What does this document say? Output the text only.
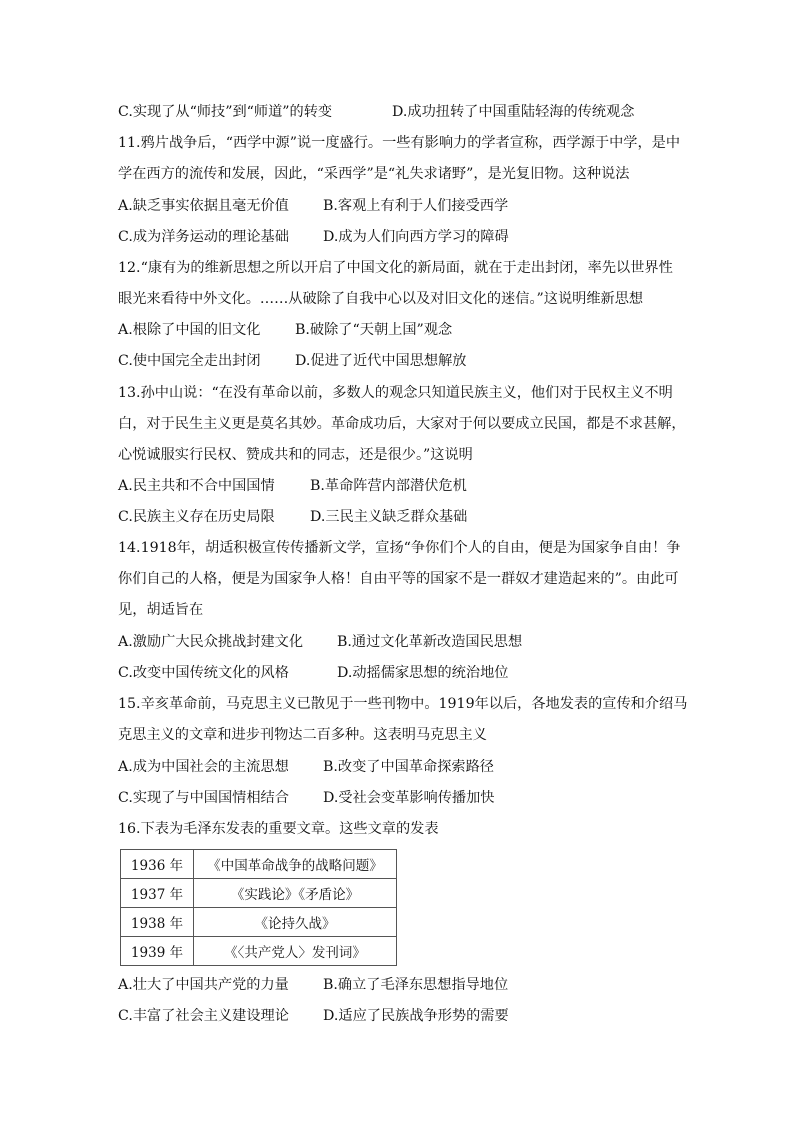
C.实现了从“师技”到“师道”的转变	D.成功扭转了中国重陆轻海的传统观念
11.鸦片战争后，“西学中源”说一度盛行。一些有影响力的学者宣称，西学源于中学，是中
学在西方的流传和发展，因此，“采西学”是“礼失求诸野”，是光复旧物。这种说法
A.缺乏事实依据且毫无价值 B.客观上有利于人们接受西学
C.成为洋务运动的理论基础 D.成为人们向西方学习的障碍
12.“康有为的维新思想之所以开启了中国文化的新局面，就在于走出封闭，率先以世界性
眼光来看待中外文化。……从破除了自我中心以及对旧文化的迷信。”这说明维新思想
A.根除了中国的旧文化 B.破除了“天朝上国”观念
C.使中国完全走出封闭 D.促进了近代中国思想解放
13.孙中山说：“在没有革命以前，多数人的观念只知道民族主义，他们对于民权主义不明
白，对于民生主义更是莫名其妙。革命成功后，大家对于何以要成立民国，都是不求甚解，
心悦诚服实行民权、赞成共和的同志，还是很少。”这说明
A.民主共和不合中国国情 B.革命阵营内部潜伏危机
C.民族主义存在历史局限 D.三民主义缺乏群众基础
14.1918年，胡适积极宣传传播新文学，宣扬“争你们个人的自由，便是为国家争自由！争
你们自己的人格，便是为国家争人格！自由平等的国家不是一群奴才建造起来的”。由此可
见，胡适旨在
A.激励广大民众挑战封建文化 B.通过文化革新改造国民思想
C.改变中国传统文化的风格	D.动摇儒家思想的统治地位
15.辛亥革命前，马克思主义已散见于一些刊物中。1919年以后，各地发表的宣传和介绍马
克思主义的文章和进步刊物达二百多种。这表明马克思主义
A.成为中国社会的主流思想 B.改变了中国革命探索路径
C.实现了与中国国情相结合 D.受社会变革影响传播加快
16.下表为毛泽东发表的重要文章。这些文章的发表
1936 年	《中国革命战争的战略问题》
1937 年	《实践论》《矛盾论》
1938 年	《论持久战》
1939 年	《〈共产党人〉发刊词》
A.壮大了中国共产党的力量 B.确立了毛泽东思想指导地位
C.丰富了社会主义建设理论 D.适应了民族战争形势的需要
